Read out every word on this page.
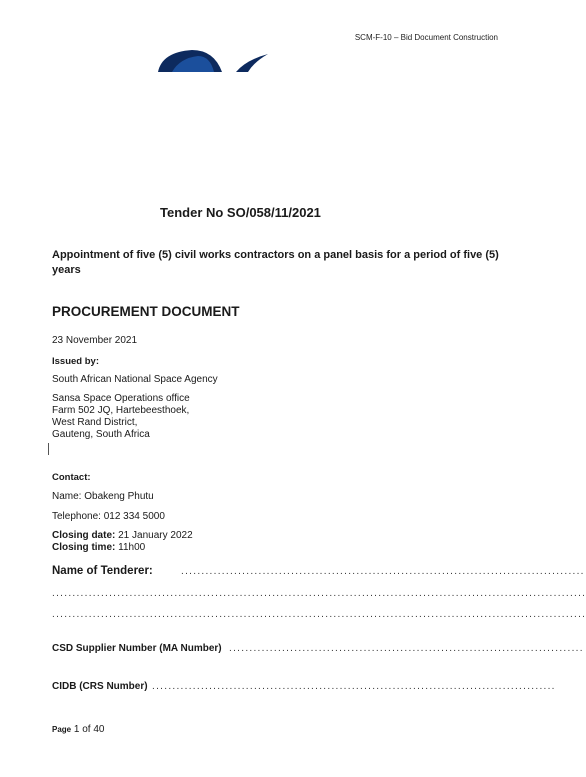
SCM-F-10 – Bid Document Construction
Tender No SO/058/11/2021
Appointment of five (5) civil works contractors on a panel basis for a period of five (5) years
PROCUREMENT DOCUMENT
23 November 2021
Issued by:
South African National Space Agency
Sansa Space Operations office
Farm 502 JQ, Hartebeesthoek,
West Rand District,
Gauteng, South Africa
Contact:
Name: Obakeng Phutu
Telephone: 012 334 5000
Closing date: 21 January 2022
Closing time: 11h00
Name of Tenderer:	...................................................................................................
...................................................................................................................................
...................................................................................................................................
CSD Supplier Number (MA Number) .......................................................................................
CIDB (CRS Number) ...................................................................................................
Page 1 of 40
